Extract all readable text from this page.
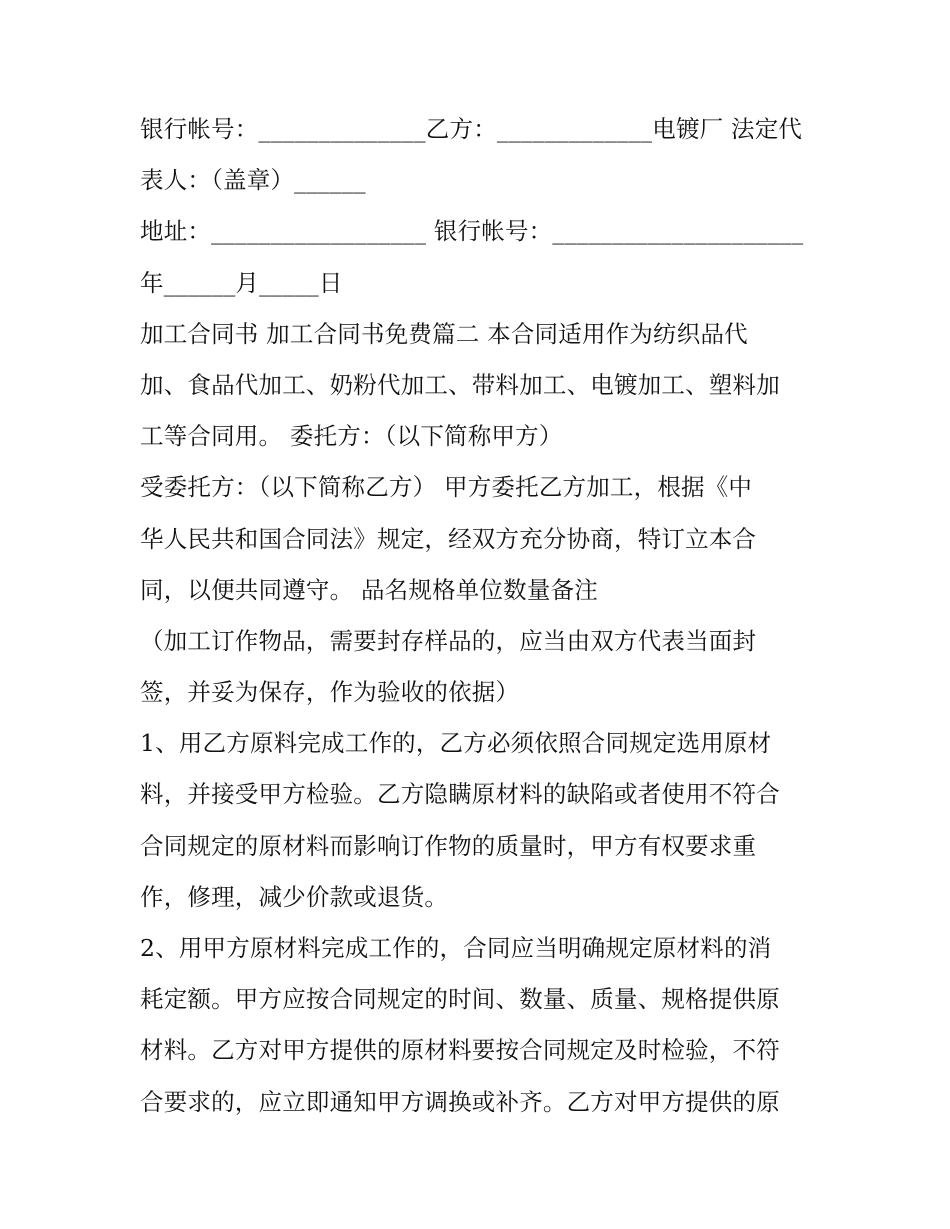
银行帐号：______________乙方：_____________电镀厂 法定代
表人：（盖章）______
地址：__________________ 银行帐号：_____________________
年______月_____日
加工合同书 加工合同书免费篇二 本合同适用作为纺织品代
加、食品代加工、奶粉代加工、带料加工、电镀加工、塑料加
工等合同用。 委托方：（以下简称甲方）
受委托方：（以下简称乙方） 甲方委托乙方加工，根据《中
华人民共和国合同法》规定，经双方充分协商，特订立本合
同，以便共同遵守。 品名规格单位数量备注
（加工订作物品，需要封存样品的，应当由双方代表当面封
签，并妥为保存，作为验收的依据）
1、用乙方原料完成工作的，乙方必须依照合同规定选用原材
料，并接受甲方检验。乙方隐瞒原材料的缺陷或者使用不符合
合同规定的原材料而影响订作物的质量时，甲方有权要求重
作，修理，减少价款或退货。
2、用甲方原材料完成工作的，合同应当明确规定原材料的消
耗定额。甲方应按合同规定的时间、数量、质量、规格提供原
材料。乙方对甲方提供的原材料要按合同规定及时检验，不符
合要求的，应立即通知甲方调换或补齐。乙方对甲方提供的原
